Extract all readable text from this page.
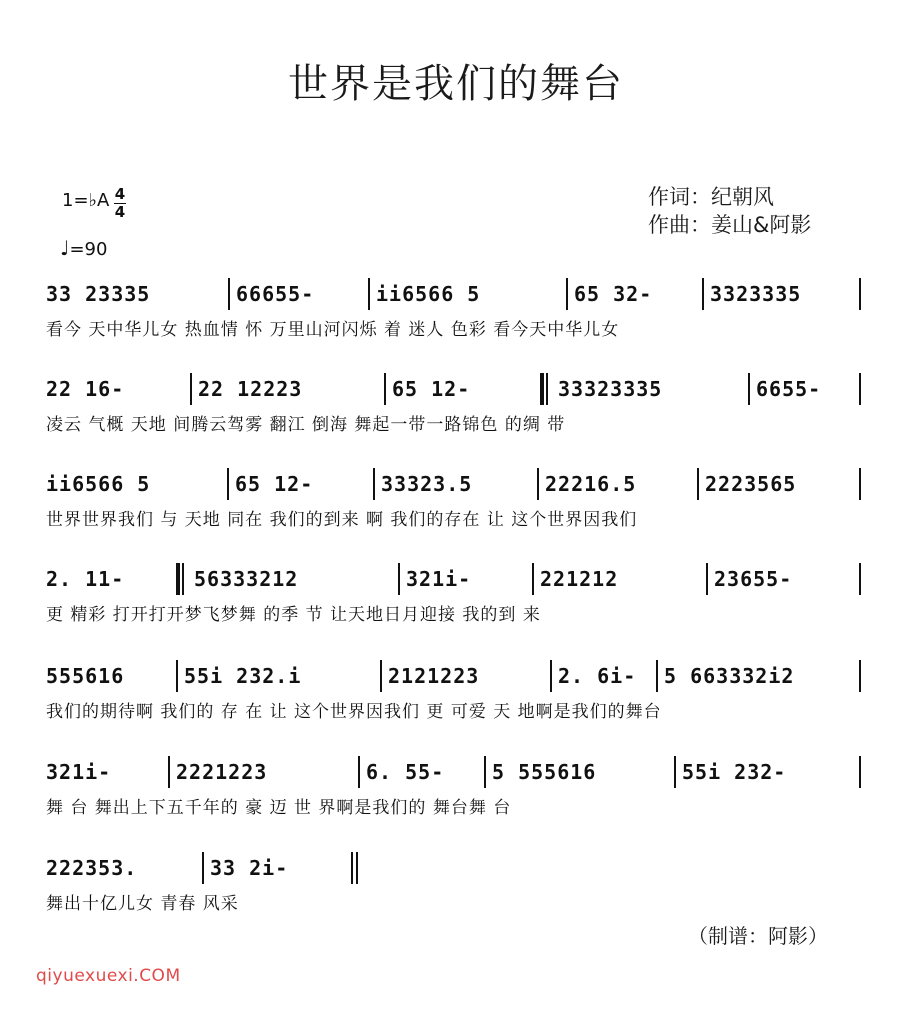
世界是我们的舞台
作词：纪朝风
作曲：姜山&阿影
1=♭A 4
4
♩=90
33 23335	66655-	ii6566 5	65 32-	3323335
看今 天中华儿女 热血情 怀 万里山河闪烁 着 迷人 色彩 看今天中华儿女
22 16-	22 12223	65 12-	33323335	6655-
凌云 气概 天地 间腾云驾雾 翻江 倒海 舞起一带一路锦色 的绸 带
ii6566 5	65 12-	33323.5	22216.5	2223565
世界世界我们 与 天地 同在 我们的到来 啊 我们的存在 让 这个世界因我们
2. 11-	56333212	321i-	221212	23655-
更 精彩 打开打开梦飞梦舞 的季 节 让天地日月迎接 我的到 来
555616	55i 232.i	2121223	2. 6i-	5 663332i2
我们的期待啊 我们的 存 在 让 这个世界因我们 更 可爱 天 地啊是我们的舞台
321i-	2221223	6. 55-	5 555616	55i 232-
舞 台 舞出上下五千年的 豪 迈 世 界啊是我们的 舞台舞 台
222353.	33 2i-
舞出十亿儿女 青春 风采
（制谱：阿影）
qiyuexuexi.COM
